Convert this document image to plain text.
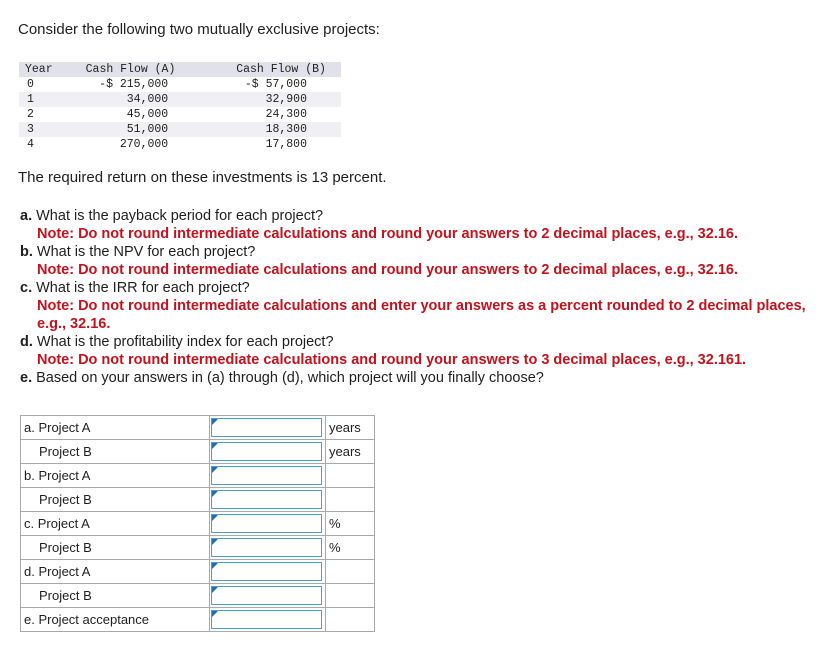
Consider the following two mutually exclusive projects:
Year	Cash Flow (A)	Cash Flow (B)
0	-$ 215,000	-$ 57,000
1	34,000	32,900
2	45,000	24,300
3	51,000	18,300
4	270,000	17,800
The required return on these investments is 13 percent.

a. What is the payback period for each project?

Note: Do not round intermediate calculations and round your answers to 2 decimal places, e.g., 32.16.

b. What is the NPV for each project?

Note: Do not round intermediate calculations and round your answers to 2 decimal places, e.g., 32.16.

c. What is the IRR for each project?

Note: Do not round intermediate calculations and enter your answers as a percent rounded to 2 decimal places, e.g., 32.16.

d. What is the profitability index for each project?

Note: Do not round intermediate calculations and round your answers to 3 decimal places, e.g., 32.161.

e. Based on your answers in (a) through (d), which project will you finally choose?

a. Project A		years
Project B		years
b. Project A	

Project B	

c. Project A		%
Project B		%
d. Project A	

Project B	

e. Project acceptance	
